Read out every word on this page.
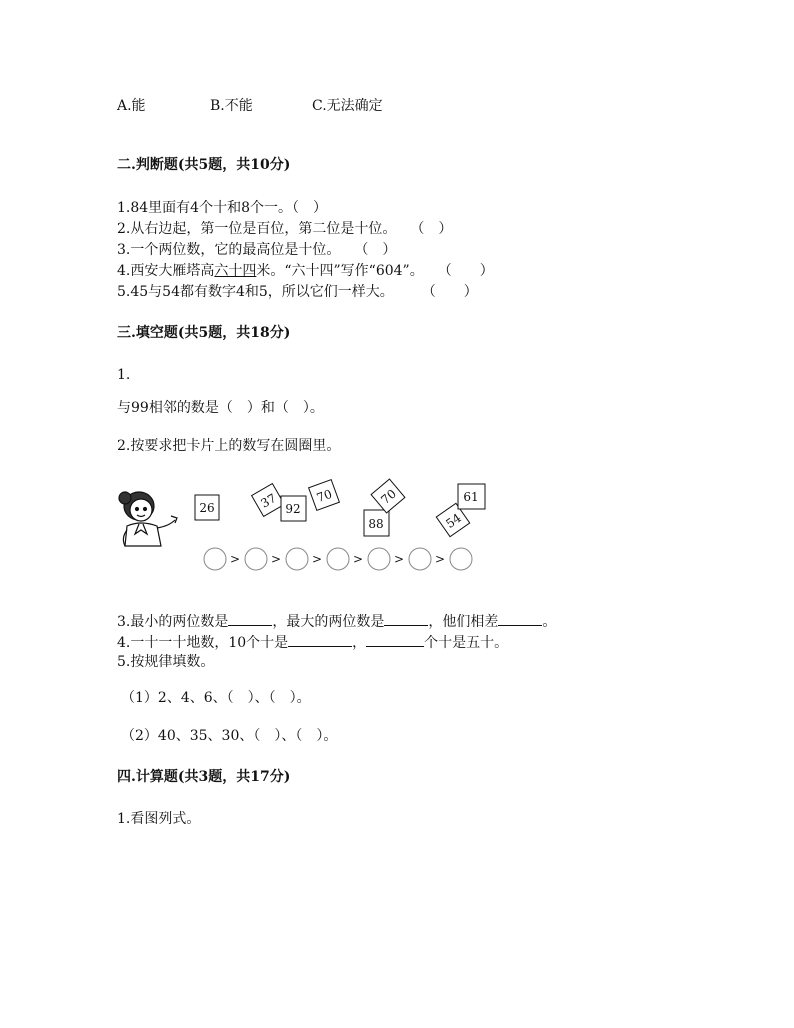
A.能	B.不能	C.无法确定
二.判断题(共5题，共10分)
1.84里面有4个十和8个一。（　）
2.从右边起，第一位是百位，第二位是十位。　　（　）
3.一个两位数，它的最高位是十位。　　（　）
4.西安大雁塔高六十四米。“六十四”写作“604”。　　（　　）
5.45与54都有数字4和5，所以它们一样大。　　　（　　）
三.填空题(共5题，共18分)
1.
与99相邻的数是（　）和（　）。
2.按要求把卡片上的数写在圆圈里。
26	37 92
70
88
70
54
61
>	>	>	>	>	>
3.最小的两位数是	，最大的两位数是	，他们相差	。
4.一十一十地数，10个十是	，	个十是五十。
5.按规律填数。
（1）2、4、6、（　）、（　）。
（2）40、35、30、（　）、（　）。
四.计算题(共3题，共17分)
1.看图列式。
